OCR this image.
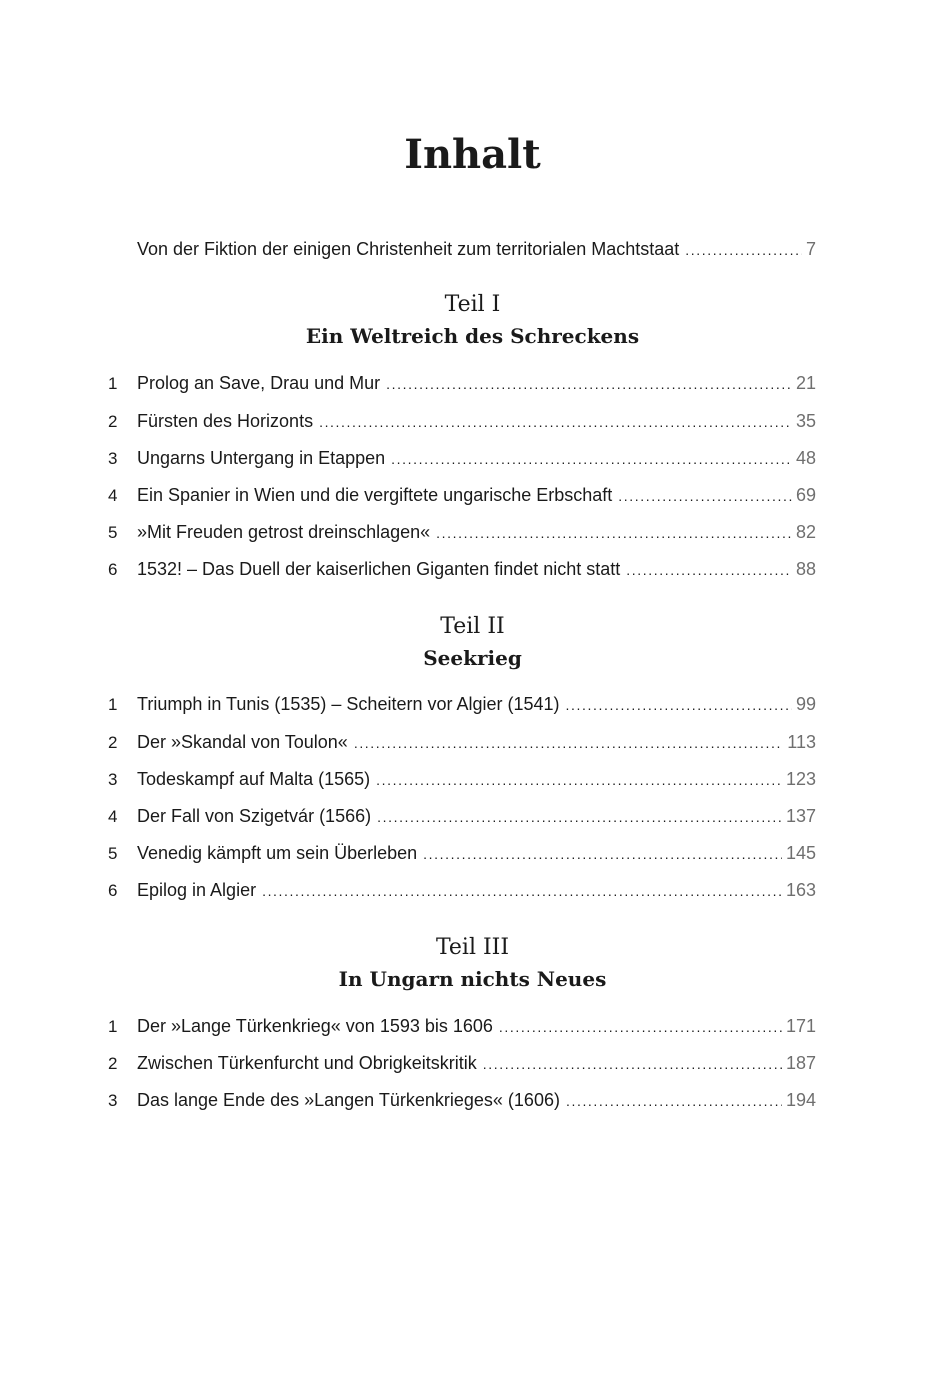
Inhalt
Von der Fiktion der einigen Christenheit zum territorialen Machtstaat .....	7
Teil I
Ein Weltreich des Schreckens
1	Prolog an Save, Drau und Mur .....	21
2	Fürsten des Horizonts .....	35
3	Ungarns Untergang in Etappen .....	48
4	Ein Spanier in Wien und die vergiftete ungarische Erbschaft .....	69
5	»Mit Freuden getrost dreinschlagen« .....	82
6	1532! – Das Duell der kaiserlichen Giganten findet nicht statt .....	88
Teil II
Seekrieg
1	Triumph in Tunis (1535) – Scheitern vor Algier (1541) .....	99
2	Der »Skandal von Toulon« .....	113
3	Todeskampf auf Malta (1565) .....	123
4	Der Fall von Szigetvár (1566) .....	137
5	Venedig kämpft um sein Überleben .....	145
6	Epilog in Algier .....	163
Teil III
In Ungarn nichts Neues
1	Der »Lange Türkenkrieg« von 1593 bis 1606 .....	171
2	Zwischen Türkenfurcht und Obrigkeitskritik .....	187
3	Das lange Ende des »Langen Türkenkrieges« (1606) .....	194
